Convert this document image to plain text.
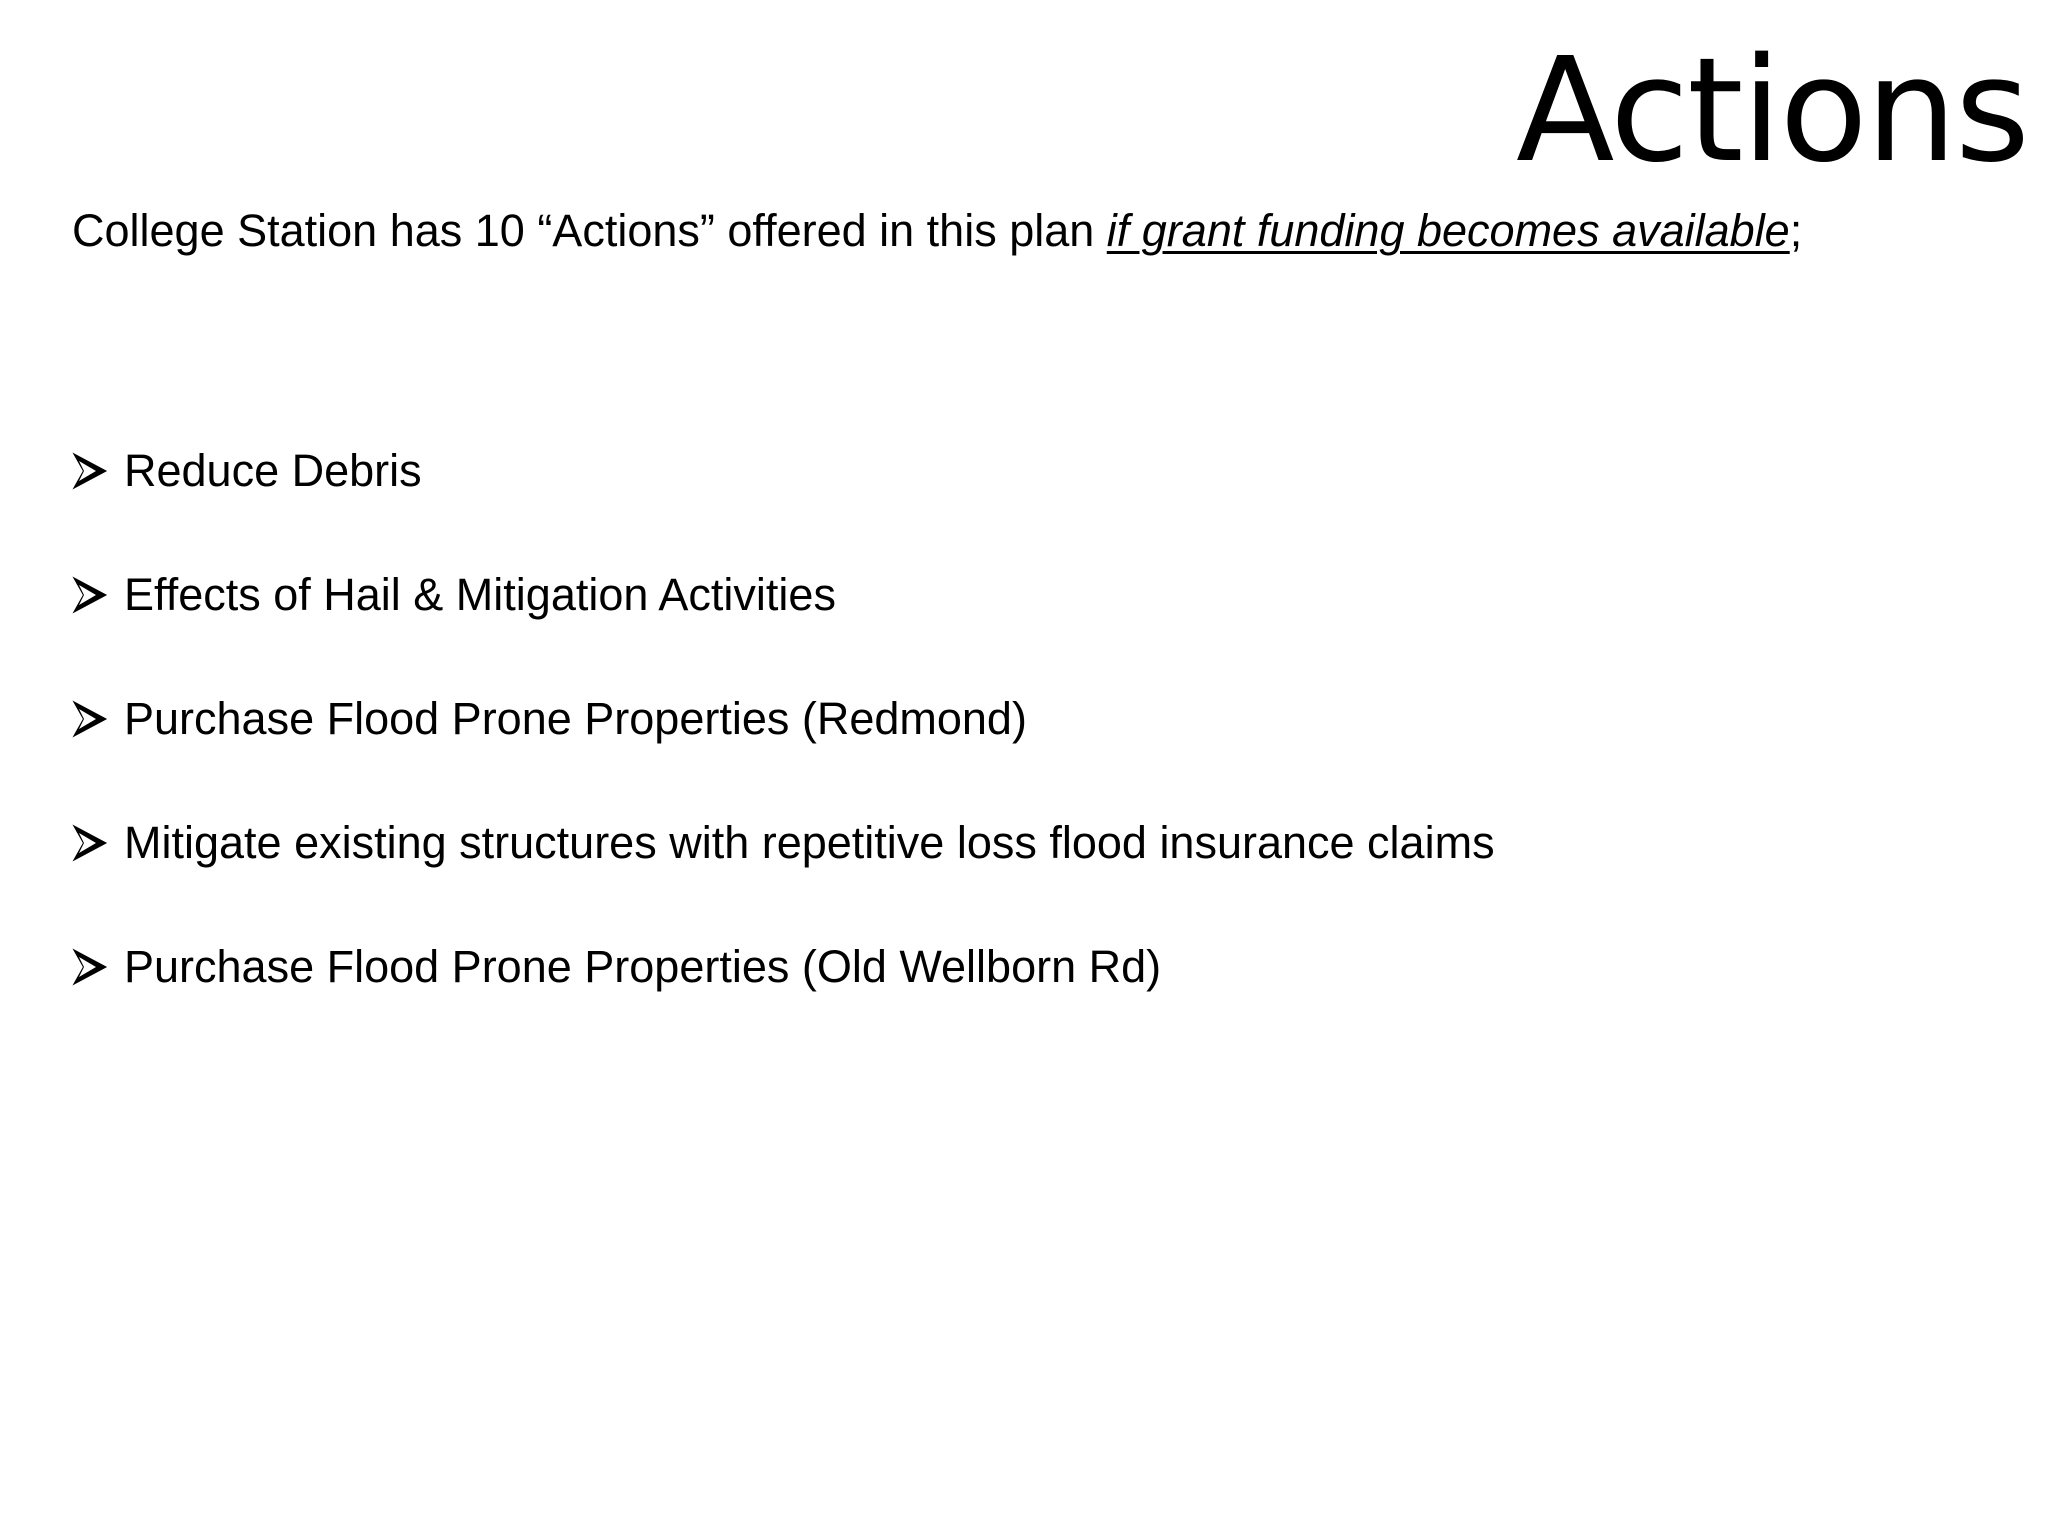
Actions

College Station has 10 “Actions” offered in this plan if grant funding becomes available;

Reduce Debris
Effects of Hail & Mitigation Activities
Purchase Flood Prone Properties (Redmond)
Mitigate existing structures with repetitive loss flood insurance claims
Purchase Flood Prone Properties (Old Wellborn Rd)
